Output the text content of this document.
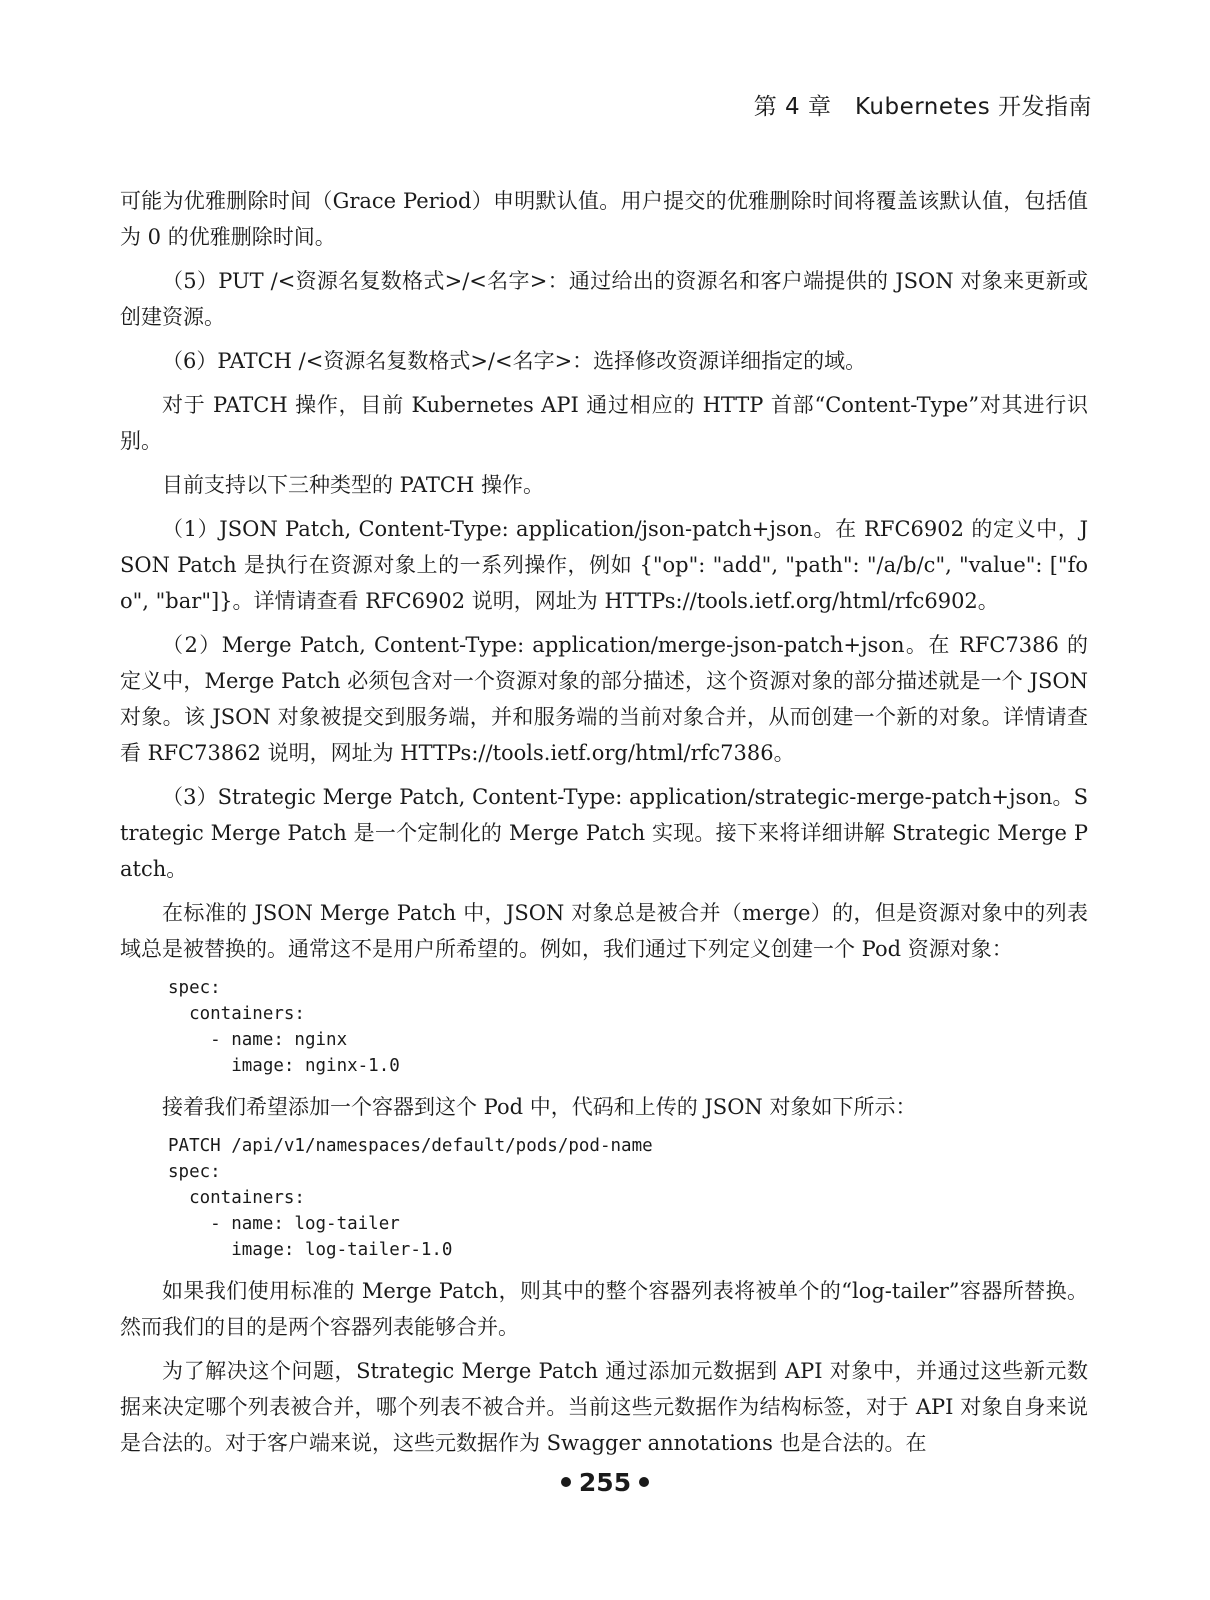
第 4 章　Kubernetes 开发指南

可能为优雅删除时间（Grace Period）申明默认值。用户提交的优雅删除时间将覆盖该默认值，包括值为 0 的优雅删除时间。

（5）PUT /<资源名复数格式>/<名字>：通过给出的资源名和客户端提供的 JSON 对象来更新或创建资源。

（6）PATCH /<资源名复数格式>/<名字>：选择修改资源详细指定的域。

对于 PATCH 操作，目前 Kubernetes API 通过相应的 HTTP 首部“Content-Type”对其进行识别。

目前支持以下三种类型的 PATCH 操作。

（1）JSON Patch, Content-Type: application/json-patch+json。在 RFC6902 的定义中，JSON Patch 是执行在资源对象上的一系列操作，例如 {"op": "add", "path": "/a/b/c", "value": ["foo", "bar"]}。详情请查看 RFC6902 说明，网址为 HTTPs://tools.ietf.org/html/rfc6902。

（2）Merge Patch, Content-Type: application/merge-json-patch+json。在 RFC7386 的定义中，Merge Patch 必须包含对一个资源对象的部分描述，这个资源对象的部分描述就是一个 JSON 对象。该 JSON 对象被提交到服务端，并和服务端的当前对象合并，从而创建一个新的对象。详情请查看 RFC73862 说明，网址为 HTTPs://tools.ietf.org/html/rfc7386。

（3）Strategic Merge Patch, Content-Type: application/strategic-merge-patch+json。Strategic Merge Patch 是一个定制化的 Merge Patch 实现。接下来将详细讲解 Strategic Merge Patch。

在标准的 JSON Merge Patch 中，JSON 对象总是被合并（merge）的，但是资源对象中的列表域总是被替换的。通常这不是用户所希望的。例如，我们通过下列定义创建一个 Pod 资源对象：

spec:
containers:
- name: nginx
image: nginx-1.0

接着我们希望添加一个容器到这个 Pod 中，代码和上传的 JSON 对象如下所示：

PATCH /api/v1/namespaces/default/pods/pod-name
spec:
containers:
- name: log-tailer
image: log-tailer-1.0

如果我们使用标准的 Merge Patch，则其中的整个容器列表将被单个的“log-tailer”容器所替换。然而我们的目的是两个容器列表能够合并。

为了解决这个问题，Strategic Merge Patch 通过添加元数据到 API 对象中，并通过这些新元数据来决定哪个列表被合并，哪个列表不被合并。当前这些元数据作为结构标签，对于 API 对象自身来说是合法的。对于客户端来说，这些元数据作为 Swagger annotations 也是合法的。在

255
